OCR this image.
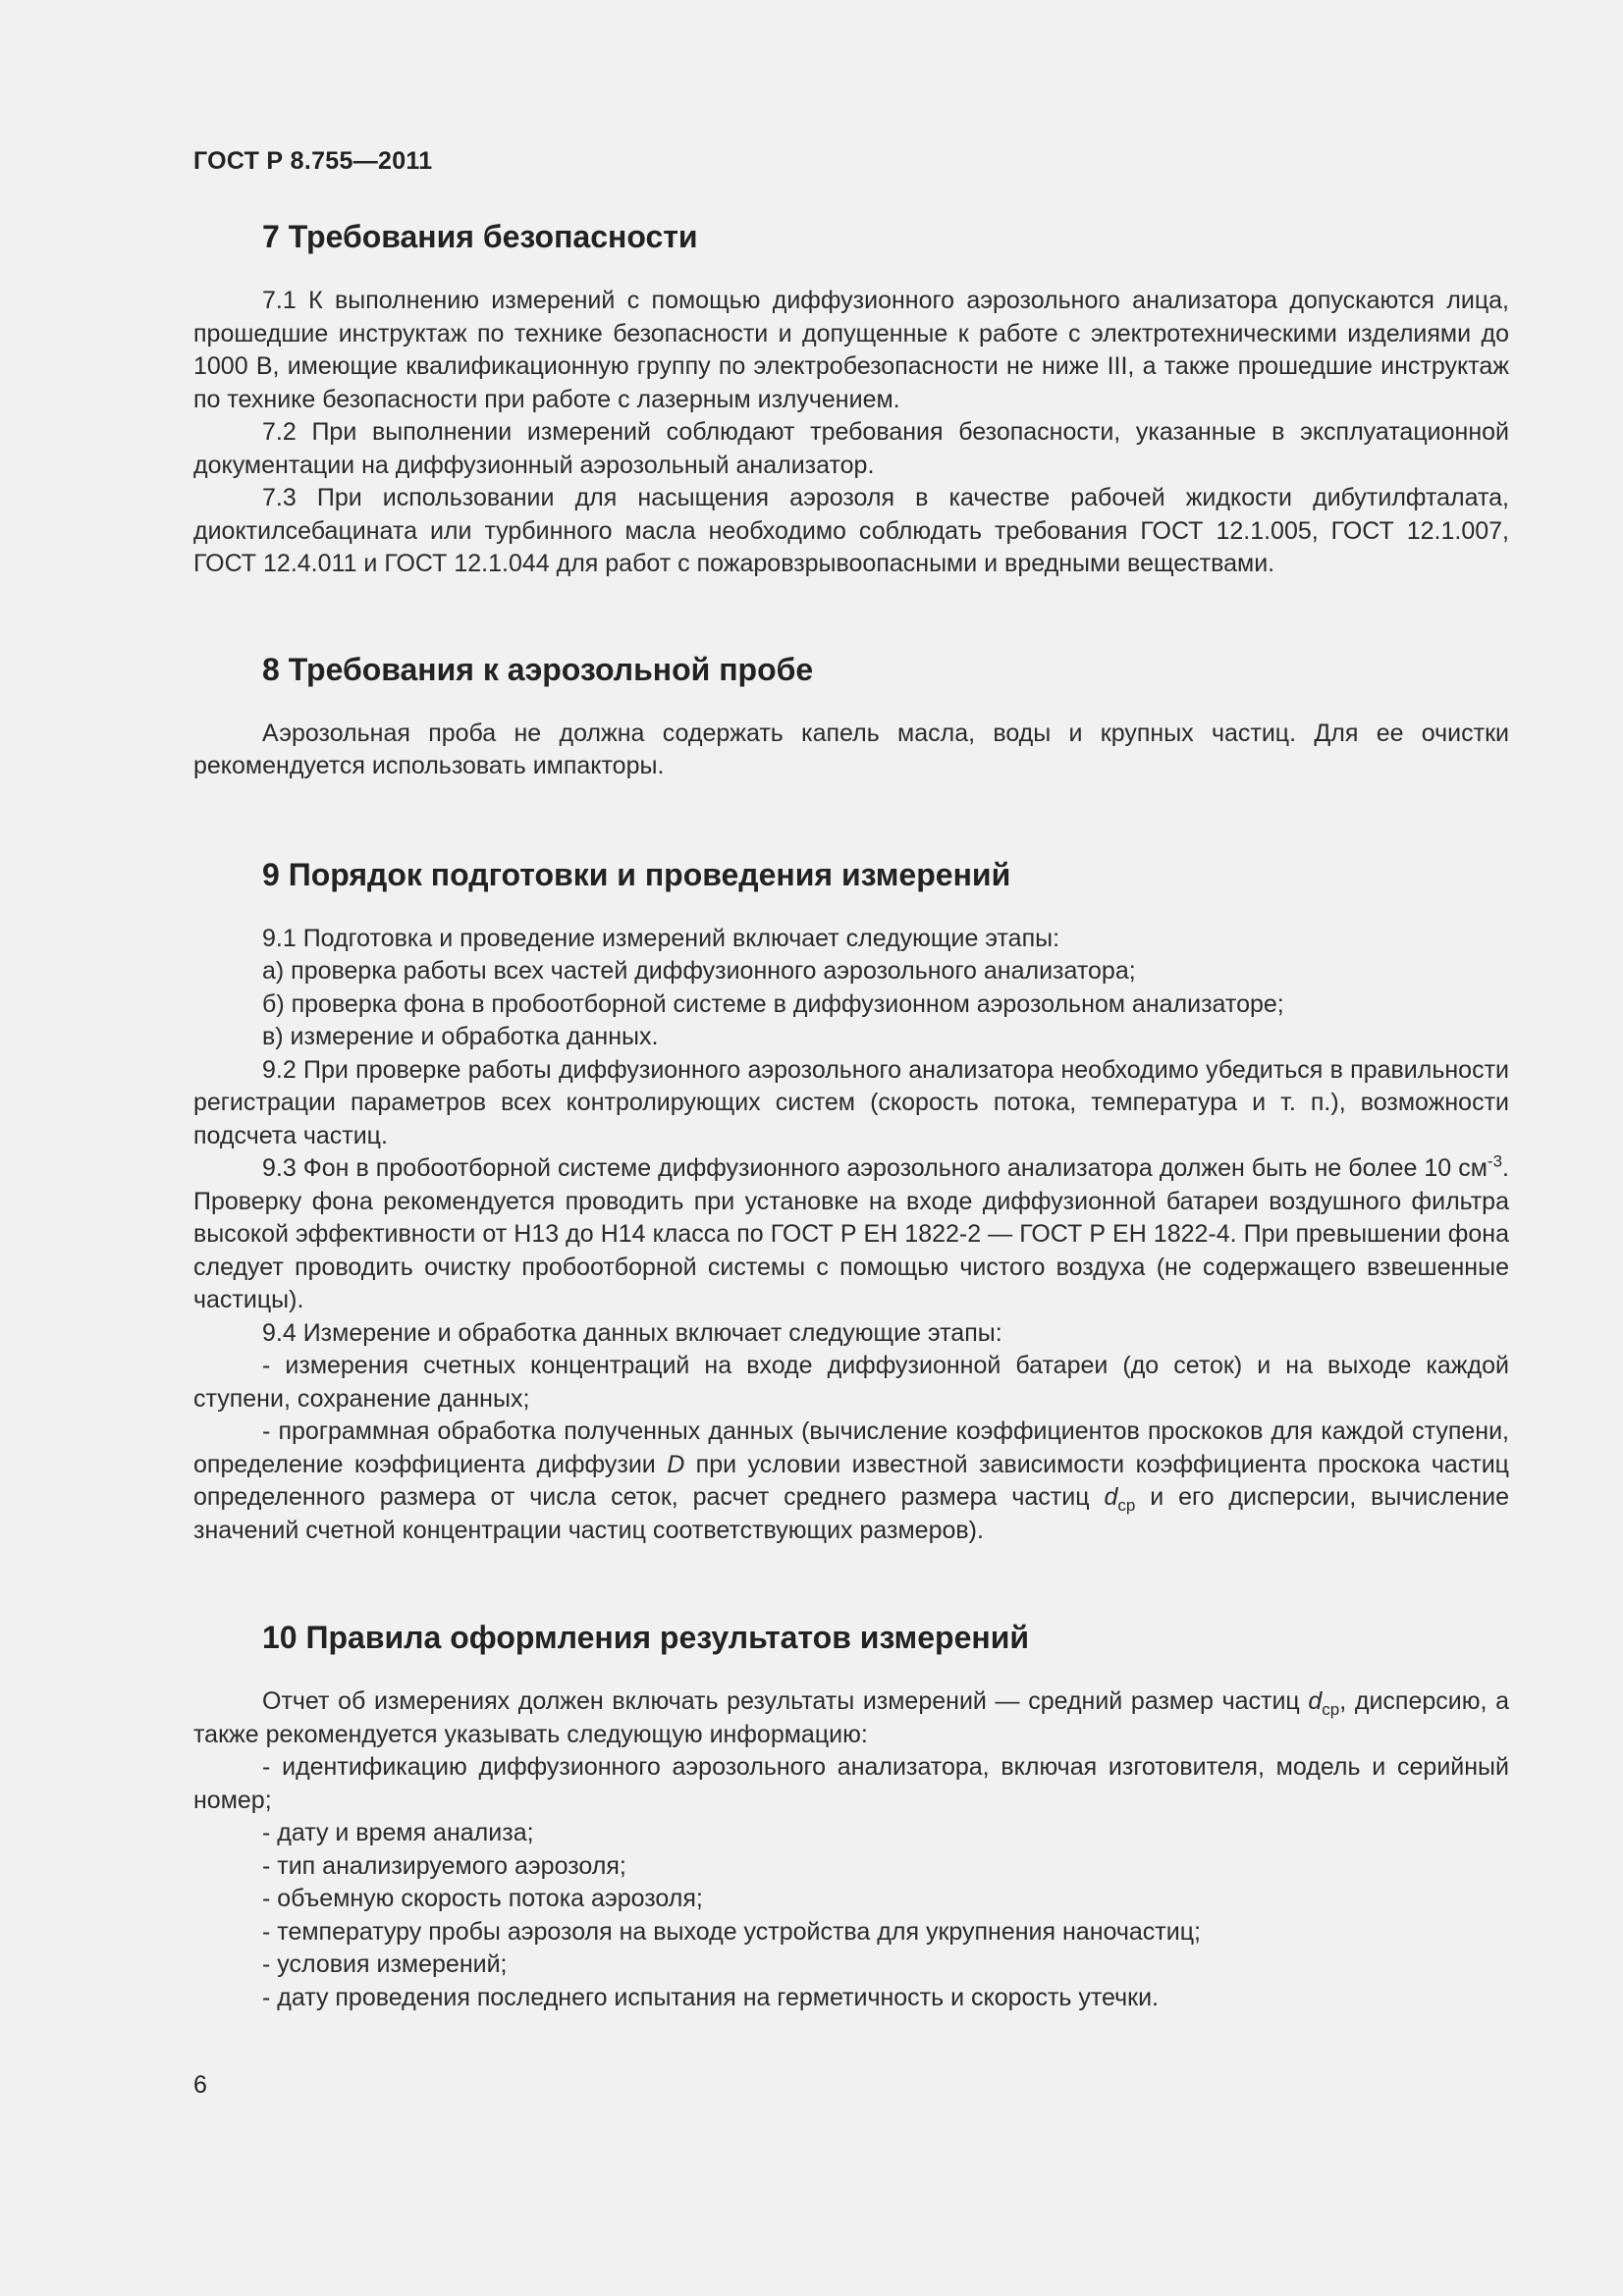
ГОСТ Р 8.755—2011
7 Требования безопасности

7.1 К выполнению измерений с помощью диффузионного аэрозольного анализатора допускаются лица, прошедшие инструктаж по технике безопасности и допущенные к работе с электротехническими изделиями до 1000 В, имеющие квалификационную группу по электробезопасности не ниже III, а также прошедшие инструктаж по технике безопасности при работе с лазерным излучением.

7.2 При выполнении измерений соблюдают требования безопасности, указанные в эксплуатационной документации на диффузионный аэрозольный анализатор.

7.3 При использовании для насыщения аэрозоля в качестве рабочей жидкости дибутилфталата, диоктилсебацината или турбинного масла необходимо соблюдать требования ГОСТ 12.1.005, ГОСТ 12.1.007, ГОСТ 12.4.011 и ГОСТ 12.1.044 для работ с пожаровзрывоопасными и вредными веществами.

8 Требования к аэрозольной пробе

Аэрозольная проба не должна содержать капель масла, воды и крупных частиц. Для ее очистки рекомендуется использовать импакторы.

9 Порядок подготовки и проведения измерений

9.1 Подготовка и проведение измерений включает следующие этапы:

а) проверка работы всех частей диффузионного аэрозольного анализатора;

б) проверка фона в пробоотборной системе в диффузионном аэрозольном анализаторе;

в) измерение и обработка данных.

9.2 При проверке работы диффузионного аэрозольного анализатора необходимо убедиться в правильности регистрации параметров всех контролирующих систем (скорость потока, температура и т. п.), возможности подсчета частиц.

9.3 Фон в пробоотборной системе диффузионного аэрозольного анализатора должен быть не более 10 $см^{-3}$. Проверку фона рекомендуется проводить при установке на входе диффузионной батареи воздушного фильтра высокой эффективности от Н13 до Н14 класса по ГОСТ Р ЕН 1822-2 — ГОСТ Р ЕН 1822-4. При превышении фона следует проводить очистку пробоотборной системы с помощью чистого воздуха (не содержащего взвешенные частицы).

9.4 Измерение и обработка данных включает следующие этапы:

- измерения счетных концентраций на входе диффузионной батареи (до сеток) и на выходе каждой ступени, сохранение данных;

- программная обработка полученных данных (вычисление коэффициентов проскоков для каждой ступени, определение коэффициента диффузии D при условии известной зависимости коэффициента проскока частиц определенного размера от числа сеток, расчет среднего размера частиц $d_{ср}$ и его дисперсии, вычисление значений счетной концентрации частиц соответствующих размеров).

10 Правила оформления результатов измерений

Отчет об измерениях должен включать результаты измерений — средний размер частиц $d_{ср}$, дисперсию, а также рекомендуется указывать следующую информацию:

- идентификацию диффузионного аэрозольного анализатора, включая изготовителя, модель и серийный номер;

- дату и время анализа;

- тип анализируемого аэрозоля;

- объемную скорость потока аэрозоля;

- температуру пробы аэрозоля на выходе устройства для укрупнения наночастиц;

- условия измерений;

- дату проведения последнего испытания на герметичность и скорость утечки.

6
